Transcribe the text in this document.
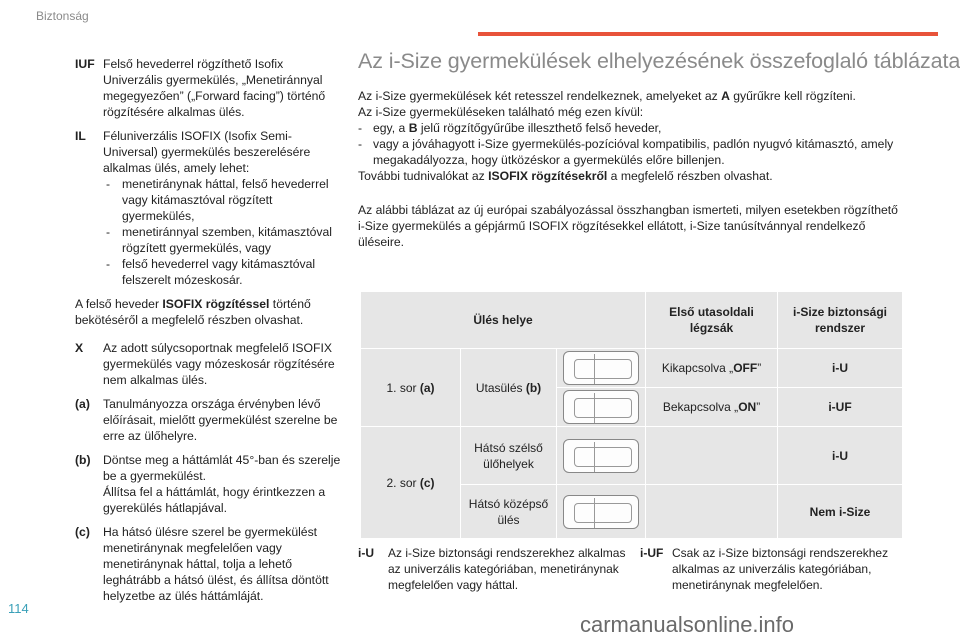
Biztonság
IUF Felső hevederrel rögzíthető Isofix Univerzális gyermekülés, „Menetiránnyal megegyezően” („Forward facing”) történő rögzítésére alkalmas ülés.
IL	Féluniverzális ISOFIX (Isofix Semi-Universal) gyermekülés beszerelésére alkalmas ülés, amely lehet:
- menetiránynak háttal, felső hevederrel vagy kitámasztóval rögzített gyermekülés,
- menetiránnyal szemben, kitámasztóval rögzített gyermekülés, vagy
- felső hevederrel vagy kitámasztóval felszerelt mózeskosár.

A felső heveder ISOFIX rögzítéssel történő bekötéséről a megfelelő részben olvashat.

X	Az adott súlycsoportnak megfelelő ISOFIX gyermekülés vagy mózeskosár rögzítésére nem alkalmas ülés.
(a)	Tanulmányozza országa érvényben lévő előírásait, mielőtt gyermekülést szerelne be erre az ülőhelyre.
(b)	Döntse meg a háttámlát 45°-ban és szerelje be a gyermekülést.
Állítsa fel a háttámlát, hogy érintkezzen a gyerekülés hátlapjával.
(c)	Ha hátsó ülésre szerel be gyermekülést menetiránynak megfelelően vagy menetiránynak háttal, tolja a lehető leghátrább a hátsó ülést, és állítsa döntött helyzetbe az ülés háttámláját.
Az i-Size gyermekülések elhelyezésének összefoglaló táblázata

Az i-Size gyermekülések két retesszel rendelkeznek, amelyeket az A gyűrűkre kell rögzíteni.

Az i-Size gyermeküléseken található még ezen kívül:

- egy, a B jelű rögzítőgyűrűbe illeszthető felső heveder,

- vagy a jóváhagyott i-Size gyermekülés-pozícióval kompatibilis, padlón nyugvó kitámasztó, amely megakadályozza, hogy ütközéskor a gyermekülés előre billenjen.

További tudnivalókat az ISOFIX rögzítésekről a megfelelő részben olvashat.

Az alábbi táblázat az új európai szabályozással összhangban ismerteti, milyen esetekben rögzíthető i-Size gyermekülés a gépjármű ISOFIX rögzítésekkel ellátott, i-Size tanúsítvánnyal rendelkező üléseire.

Ülés helye			Első utasoldali légzsák	i-Size biztonsági rendszer
1. sor (a)	Utasülés (b)		Kikapcsolva „OFF”	i-U

			Bekapcsolva „ON”	i-UF
2. sor (c)	Hátsó szélső ülőhelyek			i-U
	Hátsó középső ülés			Nem i-Size
i-U	Az i-Size biztonsági rendszerekhez alkalmas az univerzális kategóriában, menetiránynak megfelelően vagy háttal.
i-UF Csak az i-Size biztonsági rendszerekhez alkalmas az univerzális kategóriában, menetiránynak megfelelően.
114
carmanualsonline.info
